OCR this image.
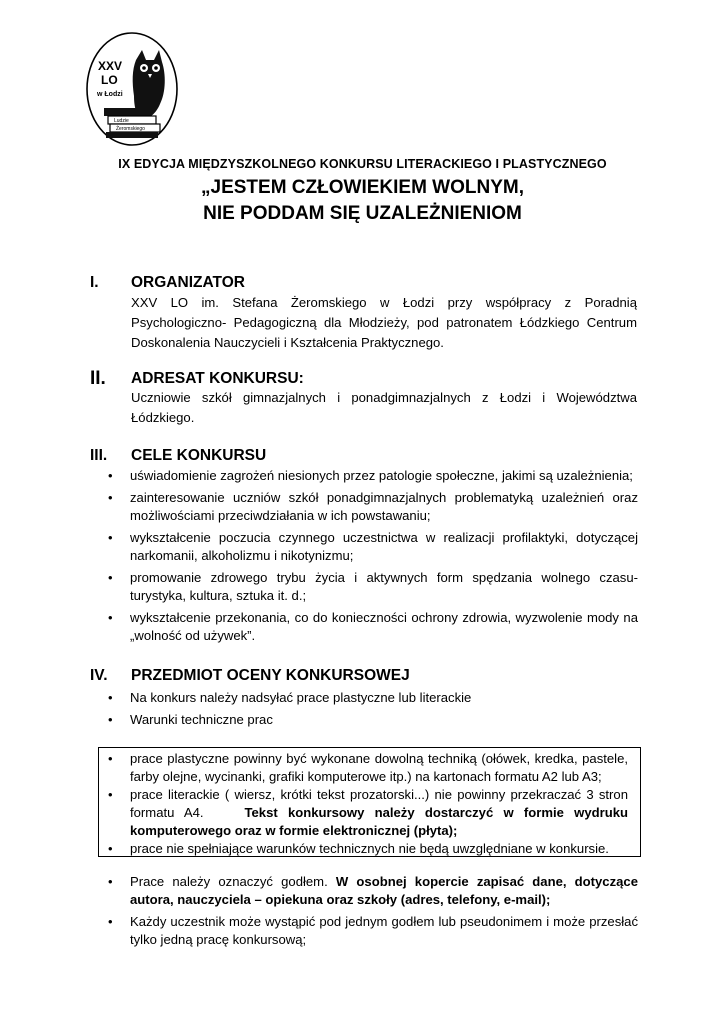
Ludzie
Żeromskiego
XXV
LO
w Łodzi
IX EDYCJA MIĘDZYSZKOLNEGO KONKURSU LITERACKIEGO I PLASTYCZNEGO
„JESTEM CZŁOWIEKIEM WOLNYM,
NIE PODDAM SIĘ UZALEŻNIENIOM
I. ORGANIZATOR
XXV LO im. Stefana Żeromskiego w Łodzi przy współpracy z Poradnią Psychologiczno- Pedagogiczną dla Młodzieży, pod patronatem Łódzkiego Centrum Doskonalenia Nauczycieli i Kształcenia Praktycznego.
II. ADRESAT KONKURSU:
Uczniowie szkół gimnazjalnych i ponadgimnazjalnych z Łodzi i Województwa Łódzkiego.
III. CELE KONKURSU
• uświadomienie zagrożeń niesionych przez patologie społeczne, jakimi są uzależnienia;
• zainteresowanie uczniów szkół ponadgimnazjalnych problematyką uzależnień oraz możliwościami przeciwdziałania w ich powstawaniu;
• wykształcenie poczucia czynnego uczestnictwa w realizacji profilaktyki, dotyczącej narkomanii, alkoholizmu i nikotynizmu;
• promowanie zdrowego trybu życia i aktywnych form spędzania wolnego czasu- turystyka, kultura, sztuka it. d.;
• wykształcenie przekonania, co do konieczności ochrony zdrowia, wyzwolenie mody na „wolność od używek”.
IV. PRZEDMIOT OCENY KONKURSOWEJ
• Na konkurs należy nadsyłać prace plastyczne lub literackie
• Warunki techniczne prac
• prace plastyczne powinny być wykonane dowolną techniką (ołówek, kredka, pastele, farby olejne, wycinanki, grafiki komputerowe itp.) na kartonach formatu A2 lub A3;
• prace literackie ( wiersz, krótki tekst prozatorski...) nie powinny przekraczać 3 stron formatu A4.	Tekst konkursowy należy dostarczyć w formie wydruku komputerowego oraz w formie elektronicznej (płyta);
• prace nie spełniające warunków technicznych nie będą uwzględniane w konkursie.
• Prace należy oznaczyć godłem. W osobnej kopercie zapisać dane, dotyczące autora, nauczyciela – opiekuna oraz szkoły (adres, telefony, e-mail);
• Każdy uczestnik może wystąpić pod jednym godłem lub pseudonimem i może przesłać tylko jedną pracę konkursową;
